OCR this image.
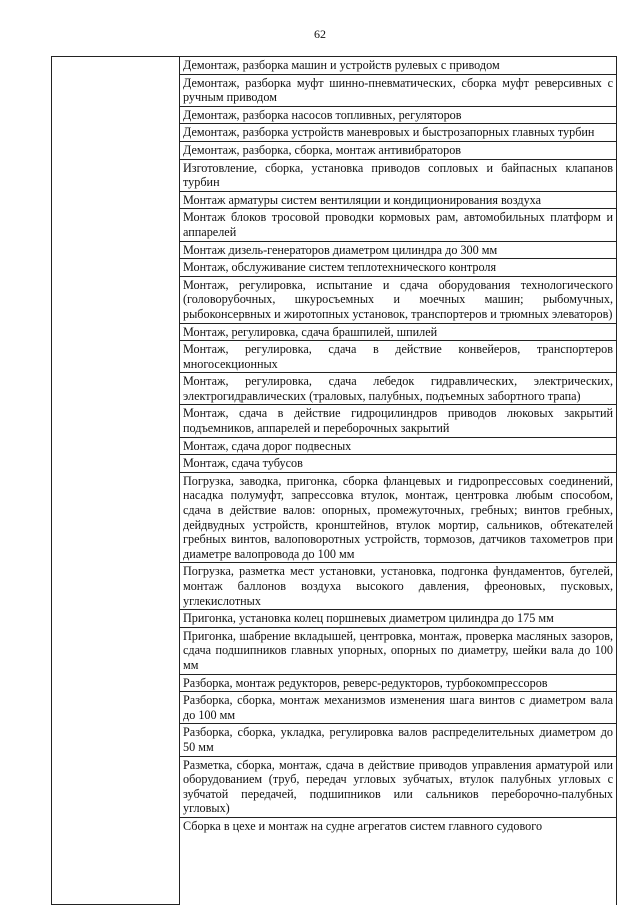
62

Демонтаж, разборка машин и устройств рулевых с приводом
Демонтаж, разборка муфт шинно-пневматических, сборка муфт реверсивных с ручным приводом
Демонтаж, разборка насосов топливных, регуляторов
Демонтаж, разборка устройств маневровых и быстрозапорных главных турбин
Демонтаж, разборка, сборка, монтаж антивибраторов
Изготовление, сборка, установка приводов сопловых и байпасных клапанов турбин
Монтаж арматуры систем вентиляции и кондиционирования воздуха
Монтаж блоков тросовой проводки кормовых рам, автомобильных платформ и аппарелей
Монтаж дизель-генераторов диаметром цилиндра до 300 мм
Монтаж, обслуживание систем теплотехнического контроля
Монтаж, регулировка, испытание и сдача оборудования технологического (головорубочных, шкуросъемных и моечных машин; рыбомучных, рыбоконсервных и жиротопных установок, транспортеров и трюмных элеваторов)
Монтаж, регулировка, сдача брашпилей, шпилей
Монтаж, регулировка, сдача в действие конвейеров, транспортеров многосекционных
Монтаж, регулировка, сдача лебедок гидравлических, электрических, электрогидравлических (траловых, палубных, подъемных забортного трапа)
Монтаж, сдача в действие гидроцилиндров приводов люковых закрытий подъемников, аппарелей и переборочных закрытий
Монтаж, сдача дорог подвесных
Монтаж, сдача тубусов
Погрузка, заводка, пригонка, сборка фланцевых и гидропрессовых соединений, насадка полумуфт, запрессовка втулок, монтаж, центровка любым способом, сдача в действие валов: опорных, промежуточных, гребных; винтов гребных, дейдвудных устройств, кронштейнов, втулок мортир, сальников, обтекателей гребных винтов, валоповоротных устройств, тормозов, датчиков тахометров при диаметре валопровода до 100 мм
Погрузка, разметка мест установки, установка, подгонка фундаментов, бугелей, монтаж баллонов воздуха высокого давления, фреоновых, пусковых, углекислотных
Пригонка, установка колец поршневых диаметром цилиндра до 175 мм
Пригонка, шабрение вкладышей, центровка, монтаж, проверка масляных зазоров, сдача подшипников главных упорных, опорных по диаметру, шейки вала до 100 мм
Разборка, монтаж редукторов, реверс-редукторов, турбокомпрессоров
Разборка, сборка, монтаж механизмов изменения шага винтов с диаметром вала до 100 мм
Разборка, сборка, укладка, регулировка валов распределительных диаметром до 50 мм
Разметка, сборка, монтаж, сдача в действие приводов управления арматурой или оборудованием (труб, передач угловых зубчатых, втулок палубных угловых с зубчатой передачей, подшипников или сальников переборочно-палубных угловых)
Сборка в цехе и монтаж на судне агрегатов систем главного судового
